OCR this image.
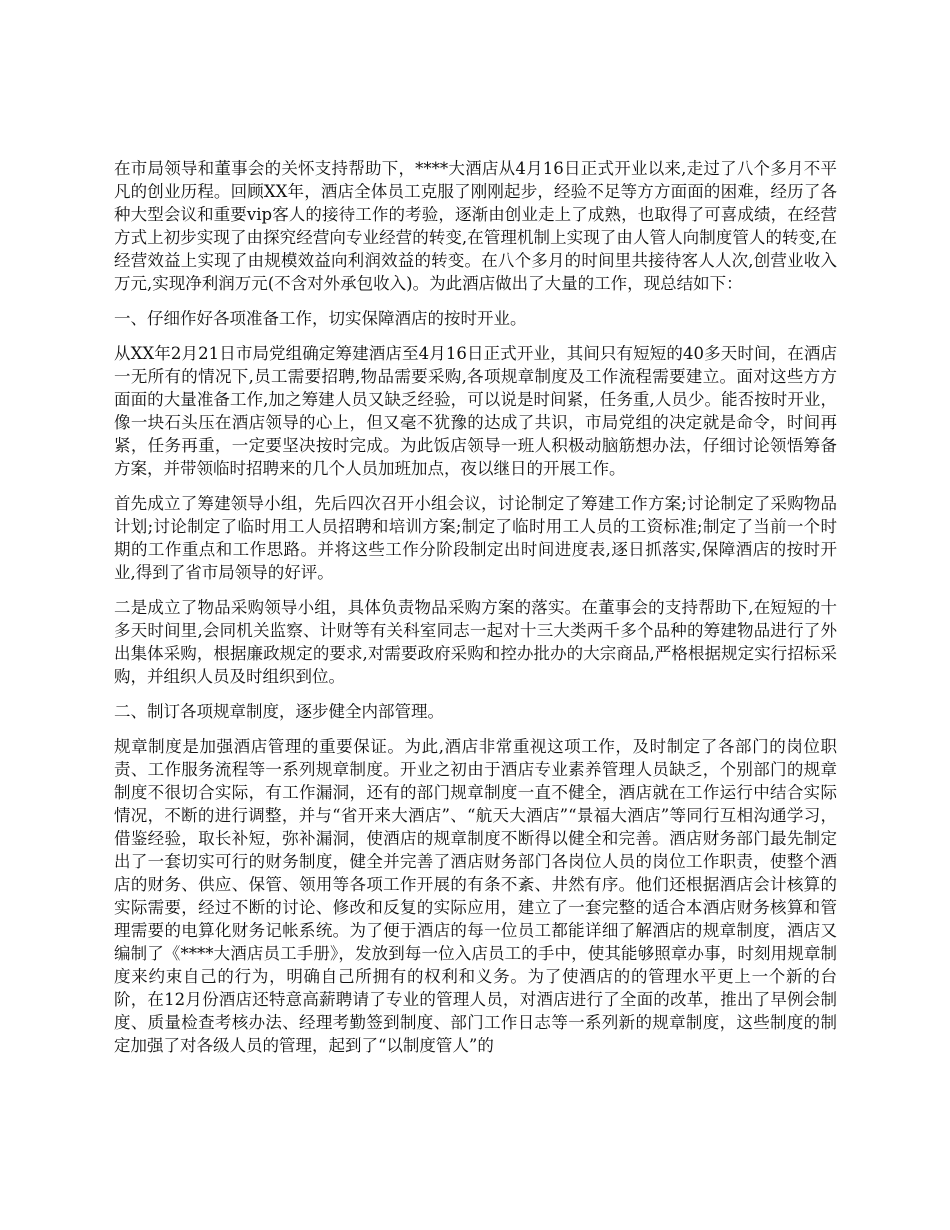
在市局领导和董事会的关怀支持帮助下，****大酒店从4月16日正式开业以来,走过了八个多月不平凡的创业历程。回顾XX年，酒店全体员工克服了刚刚起步，经验不足等方方面面的困难，经历了各种大型会议和重要vip客人的接待工作的考验，逐渐由创业走上了成熟，也取得了可喜成绩，在经营方式上初步实现了由探究经营向专业经营的转变,在管理机制上实现了由人管人向制度管人的转变,在经营效益上实现了由规模效益向利润效益的转变。在八个多月的时间里共接待客人人次,创营业收入万元,实现净利润万元(不含对外承包收入)。为此酒店做出了大量的工作，现总结如下：

一、仔细作好各项准备工作，切实保障酒店的按时开业。

从XX年2月21日市局党组确定筹建酒店至4月16日正式开业，其间只有短短的40多天时间，在酒店一无所有的情况下,员工需要招聘,物品需要采购,各项规章制度及工作流程需要建立。面对这些方方面面的大量准备工作,加之筹建人员又缺乏经验，可以说是时间紧，任务重,人员少。能否按时开业，像一块石头压在酒店领导的心上，但又毫不犹豫的达成了共识，市局党组的决定就是命令，时间再紧，任务再重，一定要坚决按时完成。为此饭店领导一班人积极动脑筋想办法，仔细讨论领悟筹备方案，并带领临时招聘来的几个人员加班加点，夜以继日的开展工作。

首先成立了筹建领导小组，先后四次召开小组会议，讨论制定了筹建工作方案;讨论制定了采购物品计划;讨论制定了临时用工人员招聘和培训方案;制定了临时用工人员的工资标准;制定了当前一个时期的工作重点和工作思路。并将这些工作分阶段制定出时间进度表,逐日抓落实,保障酒店的按时开业,得到了省市局领导的好评。

二是成立了物品采购领导小组，具体负责物品采购方案的落实。在董事会的支持帮助下,在短短的十多天时间里,会同机关监察、计财等有关科室同志一起对十三大类两千多个品种的筹建物品进行了外出集体采购，根据廉政规定的要求,对需要政府采购和控办批办的大宗商品,严格根据规定实行招标采购，并组织人员及时组织到位。

二、制订各项规章制度，逐步健全内部管理。

规章制度是加强酒店管理的重要保证。为此,酒店非常重视这项工作，及时制定了各部门的岗位职责、工作服务流程等一系列规章制度。开业之初由于酒店专业素养管理人员缺乏，个别部门的规章制度不很切合实际，有工作漏洞，还有的部门规章制度一直不健全，酒店就在工作运行中结合实际情况，不断的进行调整，并与“省开来大酒店”、“航天大酒店”“景福大酒店”等同行互相沟通学习，借鉴经验，取长补短，弥补漏洞，使酒店的规章制度不断得以健全和完善。酒店财务部门最先制定出了一套切实可行的财务制度，健全并完善了酒店财务部门各岗位人员的岗位工作职责，使整个酒店的财务、供应、保管、领用等各项工作开展的有条不紊、井然有序。他们还根据酒店会计核算的实际需要，经过不断的讨论、修改和反复的实际应用，建立了一套完整的适合本酒店财务核算和管理需要的电算化财务记帐系统。为了便于酒店的每一位员工都能详细了解酒店的规章制度，酒店又编制了《****大酒店员工手册》，发放到每一位入店员工的手中，使其能够照章办事，时刻用规章制度来约束自己的行为，明确自己所拥有的权利和义务。为了使酒店的的管理水平更上一个新的台阶，在12月份酒店还特意高薪聘请了专业的管理人员，对酒店进行了全面的改革，推出了早例会制度、质量检查考核办法、经理考勤签到制度、部门工作日志等一系列新的规章制度，这些制度的制定加强了对各级人员的管理，起到了“以制度管人”的
